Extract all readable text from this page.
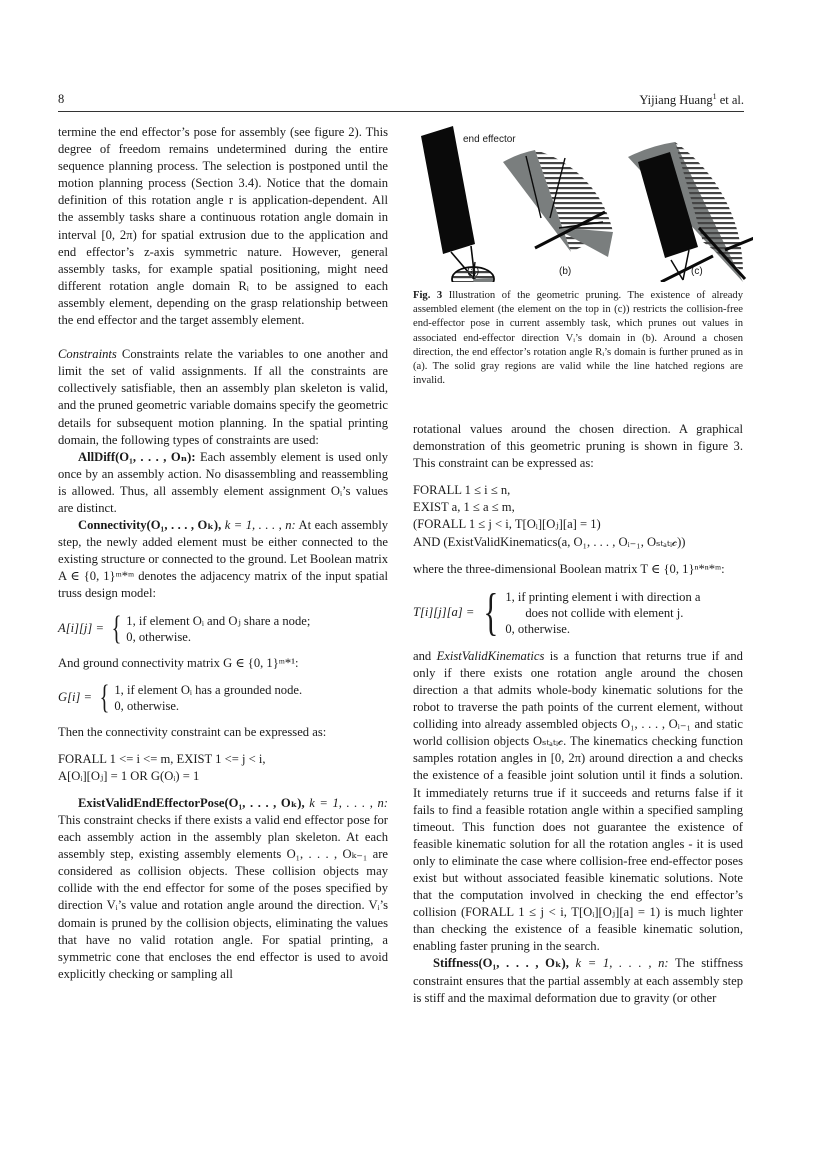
8	Yijiang Huang$^1$ et al.

termine the end effector’s pose for assembly (see figure 2). This degree of freedom remains undetermined during the entire sequence planning process. The selection is postponed until the motion planning process (Section 3.4). Notice that the domain definition of this rotation angle r is application-dependent. All the assembly tasks share a continuous rotation angle domain in interval [0, 2π) for spatial extrusion due to the application and end effector’s z-axis symmetric nature. However, general assembly tasks, for example spatial positioning, might need different rotation angle domain Rᵢ to be assigned to each assembly element, depending on the grasp relationship between the end effector and the target assembly element.

Constraints Constraints relate the variables to one another and limit the set of valid assignments. If all the constraints are collectively satisfiable, then an assembly plan skeleton is valid, and the pruned geometric variable domains specify the geometric details for subsequent motion planning. In the spatial printing domain, the following types of constraints are used:

AllDiff(O₁, . . . , Oₙ): Each assembly element is used only once by an assembly action. No disassembling and reassembling is allowed. Thus, all assembly element assignment Oᵢ’s values are distinct.

Connectivity(O₁, . . . , Oₖ), k = 1, . . . , n: At each assembly step, the newly added element must be either connected to the existing structure or connected to the ground. Let Boolean matrix A ∈ {0, 1}ᵐ*ᵐ denotes the adjacency matrix of the input spatial truss design model:

A[i][j] = { 1, if element Oᵢ and Oⱼ share a node;
0, otherwise.

And ground connectivity matrix G ∈ {0, 1}ᵐ*¹:

G[i] = { 1, if element Oᵢ has a grounded node.
0, otherwise.

Then the connectivity constraint can be expressed as:

FORALL 1 <= i <= m, EXIST 1 <= j < i,

A[Oᵢ][Oⱼ] = 1 OR G(Oᵢ) = 1

ExistValidEndEffectorPose(O₁, . . . , Oₖ), k = 1, . . . , n: This constraint checks if there exists a valid end effector pose for each assembly action in the assembly plan skeleton. At each assembly step, existing assembly elements O₁, . . . , Oₖ₋₁ are considered as collision objects. These collision objects may collide with the end effector for some of the poses specified by direction Vᵢ’s value and rotation angle around the direction. Vᵢ’s domain is pruned by the collision objects, eliminating the values that have no valid rotation angle. For spatial printing, a symmetric cone that encloses the end effector is used to avoid explicitly checking or sampling all

end effector
(a)	(b)	(c)
Fig. 3 Illustration of the geometric pruning. The existence of already assembled element (the element on the top in (c)) restricts the collision-free end-effector pose in current assembly task, which prunes out values in associated end-effector direction Vᵢ’s domain in (b). Around a chosen direction, the end effector’s rotation angle Rᵢ’s domain is further pruned as in (a). The solid gray regions are valid while the line hatched regions are invalid.

rotational values around the chosen direction. A graphical demonstration of this geometric pruning is shown in figure 3. This constraint can be expressed as:

FORALL 1 ≤ i ≤ n,

EXIST a, 1 ≤ a ≤ m,

(FORALL 1 ≤ j < i, T[Oᵢ][Oⱼ][a] = 1)

AND (ExistValidKinematics(a, O₁, . . . , Oᵢ₋₁, Oₛₜₐₜᵢ𝒸))

where the three-dimensional Boolean matrix T ∈ {0, 1}ⁿ*ⁿ*ᵐ:

T[i][j][a] = { 1, if printing element i with direction a
does not collide with element j.
0, otherwise.

and ExistValidKinematics is a function that returns true if and only if there exists one rotation angle around the chosen direction a that admits whole-body kinematic solutions for the robot to traverse the path points of the current element, without colliding into already assembled objects O₁, . . . , Oᵢ₋₁ and static world collision objects Oₛₜₐₜᵢ𝒸. The kinematics checking function samples rotation angles in [0, 2π) around direction a and checks the existence of a feasible joint solution until it finds a solution. It immediately returns true if it succeeds and returns false if it fails to find a feasible rotation angle within a specified sampling timeout. This function does not guarantee the existence of feasible kinematic solution for all the rotation angles - it is used only to eliminate the case where collision-free end-effector poses exist but without associated feasible kinematic solutions. Note that the computation involved in checking the end effector’s collision (FORALL 1 ≤ j < i, T[Oᵢ][Oⱼ][a] = 1) is much lighter than checking the existence of a feasible kinematic solution, enabling faster pruning in the search.

Stiffness(O₁, . . . , Oₖ), k = 1, . . . , n: The stiffness constraint ensures that the partial assembly at each assembly step is stiff and the maximal deformation due to gravity (or other
